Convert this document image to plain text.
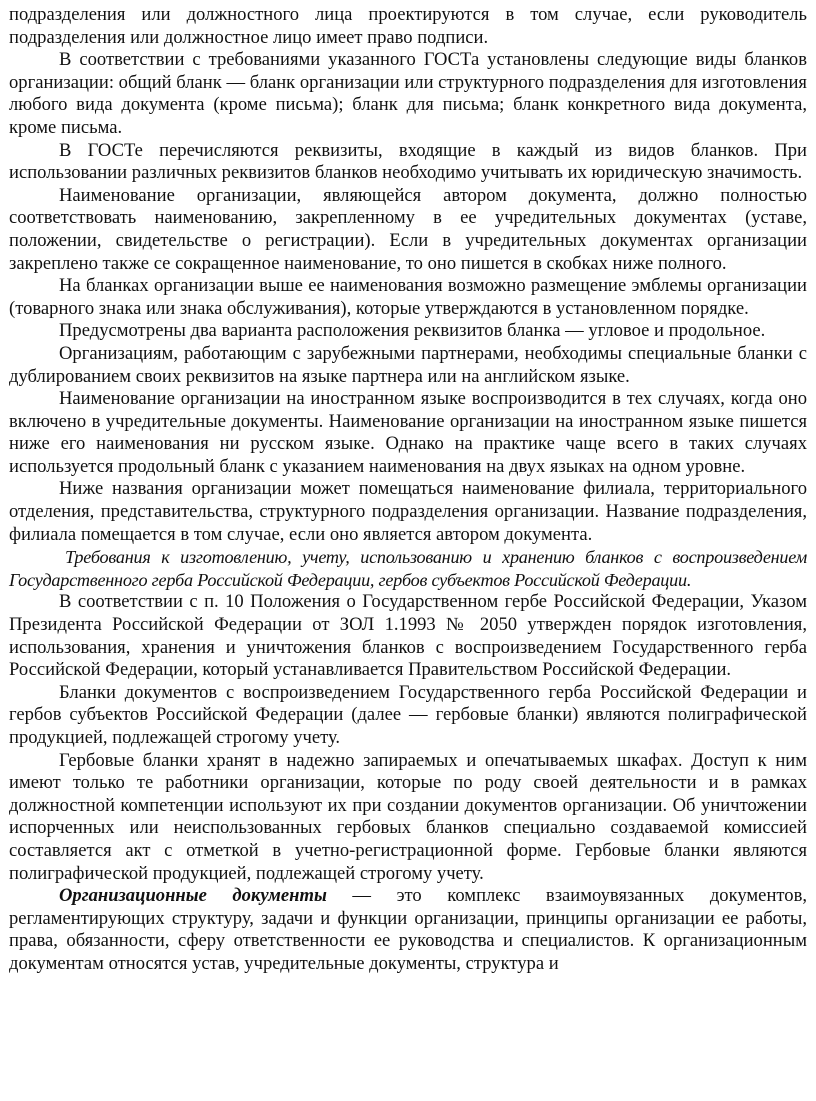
подразделения или должностного лица проектируются в том случае, если руководитель подразделения или должностное лицо имеет право подписи.

В соответствии с требованиями указанного ГОСТа установлены следующие виды бланков организации: общий бланк — бланк организации или структурного подразделения для изготовления любого вида документа (кроме письма); бланк для письма; бланк конкретного вида документа, кроме письма.

В ГОСТе перечисляются реквизиты, входящие в каждый из видов бланков. При использовании различных реквизитов бланков необходимо учитывать их юридическую значимость.

Наименование организации, являющейся автором документа, должно полностью соответствовать наименованию, закрепленному в ее учредительных документах (уставе, положении, свидетельстве о регистрации). Если в учредительных документах организации закреплено также се сокращенное наименование, то оно пишется в скобках ниже полного.

На бланках организации выше ее наименования возможно размещение эмблемы организации (товарного знака или знака обслуживания), которые утверждаются в установленном порядке.

Предусмотрены два варианта расположения реквизитов бланка — угловое и продольное.

Организациям, работающим с зарубежными партнерами, необходимы специальные бланки с дублированием своих реквизитов на языке партнера или на английском языке.

Наименование организации на иностранном языке воспроизводится в тех случаях, когда оно включено в учредительные документы. Наименование организации на иностранном языке пишется ниже его наименования ни русском языке. Однако на практике чаще всего в таких случаях используется продольный бланк с указанием наименования на двух языках на одном уровне.

Ниже названия организации может помещаться наименование филиала, территориального отделения, представительства, структурного подразделения организации. Название подразделения, филиала помещается в том случае, если оно является автором документа.

Требования к изготовлению, учету, использованию и хранению бланков с воспроизведением Государственного герба Российской Федерации, гербов субъектов Российской Федерации.

В соответствии с п. 10 Положения о Государственном гербе Российской Федерации, Указом Президента Российской Федерации от ЗОЛ 1.1993 № 2050 утвержден порядок изготовления, использования, хранения и уничтожения бланков с воспроизведением Государственного герба Российской Федерации, который устанавливается Правительством Российской Федерации.

Бланки документов с воспроизведением Государственного герба Российской Федерации и гербов субъектов Российской Федерации (далее — гербовые бланки) являются полиграфической продукцией, подлежащей строгому учету.

Гербовые бланки хранят в надежно запираемых и опечатываемых шкафах. Доступ к ним имеют только те работники организации, которые по роду своей деятельности и в рамках должностной компетенции используют их при создании документов организации. Об уничтожении испорченных или неиспользованных гербовых бланков специально создаваемой комиссией составляется акт с отметкой в учетно-регистрационной форме. Гербовые бланки являются полиграфической продукцией, подлежащей строгому учету.

Организационные документы — это комплекс взаимоувязанных документов, регламентирующих структуру, задачи и функции организации, принципы организации ее работы, права, обязанности, сферу ответственности ее руководства и специалистов. К организационным документам относятся устав, учредительные документы, структура и
